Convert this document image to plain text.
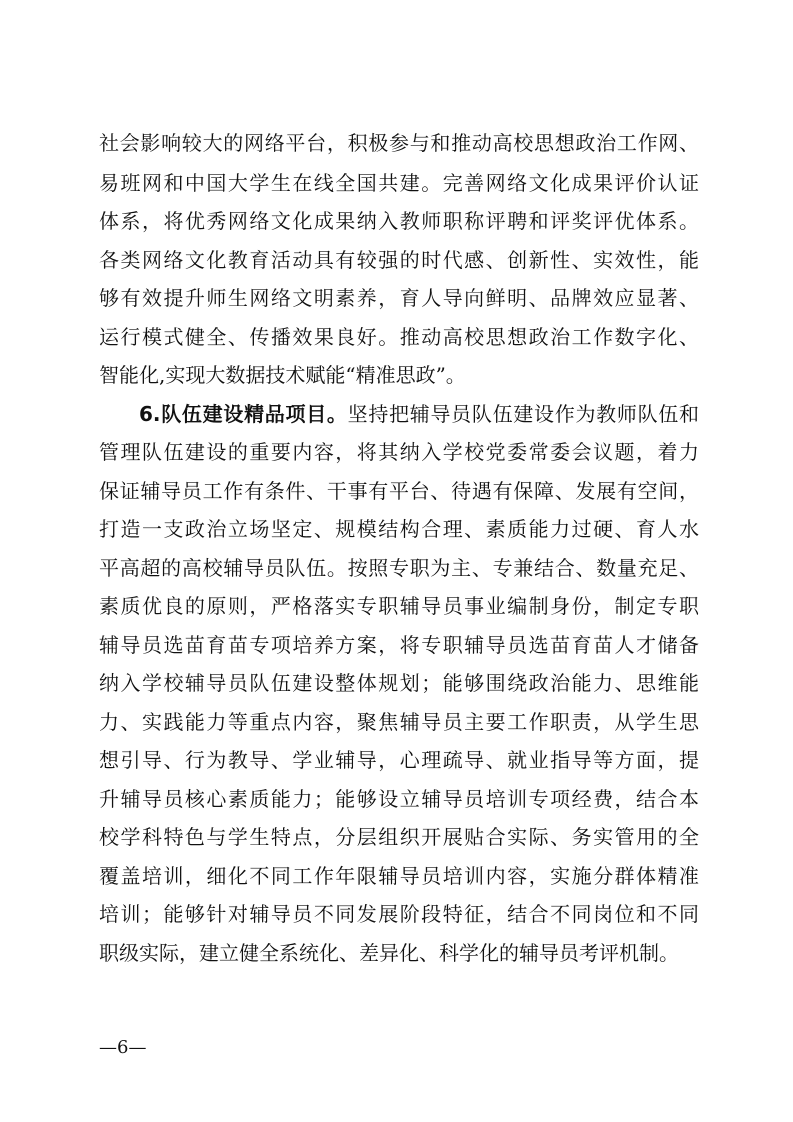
社会影响较大的网络平台，积极参与和推动高校思想政治工作网、
易班网和中国大学生在线全国共建。完善网络文化成果评价认证
体系，将优秀网络文化成果纳入教师职称评聘和评奖评优体系。
各类网络文化教育活动具有较强的时代感、创新性、实效性，能
够有效提升师生网络文明素养，育人导向鲜明、品牌效应显著、
运行模式健全、传播效果良好。推动高校思想政治工作数字化、
智能化,实现大数据技术赋能“精准思政”。
6.队伍建设精品项目。坚持把辅导员队伍建设作为教师队伍和
管理队伍建设的重要内容，将其纳入学校党委常委会议题，着力
保证辅导员工作有条件、干事有平台、待遇有保障、发展有空间，
打造一支政治立场坚定、规模结构合理、素质能力过硬、育人水
平高超的高校辅导员队伍。按照专职为主、专兼结合、数量充足、
素质优良的原则，严格落实专职辅导员事业编制身份，制定专职
辅导员选苗育苗专项培养方案，将专职辅导员选苗育苗人才储备
纳入学校辅导员队伍建设整体规划；能够围绕政治能力、思维能
力、实践能力等重点内容，聚焦辅导员主要工作职责，从学生思
想引导、行为教导、学业辅导，心理疏导、就业指导等方面，提
升辅导员核心素质能力；能够设立辅导员培训专项经费，结合本
校学科特色与学生特点，分层组织开展贴合实际、务实管用的全
覆盖培训，细化不同工作年限辅导员培训内容，实施分群体精准
培训；能够针对辅导员不同发展阶段特征，结合不同岗位和不同
职级实际，建立健全系统化、差异化、科学化的辅导员考评机制。
—6—
